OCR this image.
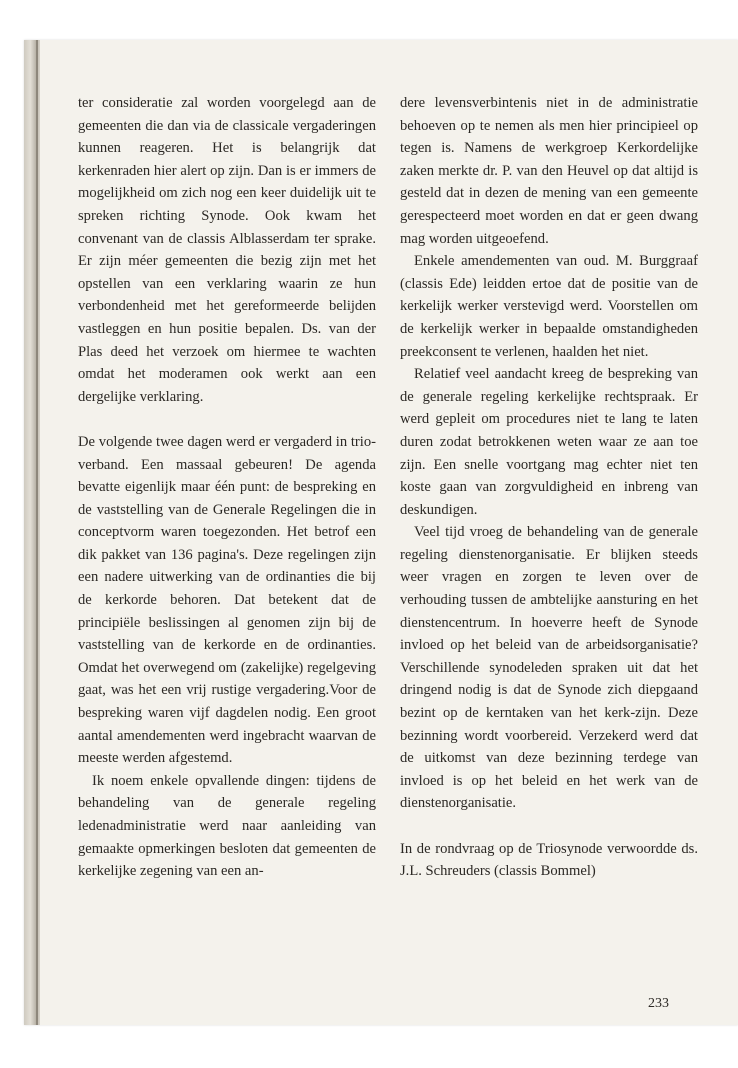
ter consideratie zal worden voorgelegd aan de gemeenten die dan via de classicale vergaderingen kunnen reageren. Het is belangrijk dat kerkenraden hier alert op zijn. Dan is er immers de mogelijkheid om zich nog een keer duidelijk uit te spreken richting Synode. Ook kwam het convenant van de classis Alblasserdam ter sprake. Er zijn méer gemeenten die bezig zijn met het opstellen van een verklaring waarin ze hun verbondenheid met het gereformeerde belijden vastleggen en hun positie bepalen. Ds. van der Plas deed het verzoek om hiermee te wachten omdat het moderamen ook werkt aan een dergelijke verklaring.

De volgende twee dagen werd er vergaderd in trio-verband. Een massaal gebeuren! De agenda bevatte eigenlijk maar één punt: de bespreking en de vaststelling van de Generale Regelingen die in conceptvorm waren toegezonden. Het betrof een dik pakket van 136 pagina's. Deze regelingen zijn een nadere uitwerking van de ordinanties die bij de kerkorde behoren. Dat betekent dat de principiële beslissingen al genomen zijn bij de vaststelling van de kerkorde en de ordinanties. Omdat het overwegend om (zakelijke) regelgeving gaat, was het een vrij rustige vergadering.Voor de bespreking waren vijf dagdelen nodig. Een groot aantal amendementen werd ingebracht waarvan de meeste werden afgestemd.

Ik noem enkele opvallende dingen: tijdens de behandeling van de generale regeling ledenadministratie werd naar aanleiding van gemaakte opmerkingen besloten dat gemeenten de kerkelijke zegening van een an-

dere levensverbintenis niet in de administratie behoeven op te nemen als men hier principieel op tegen is. Namens de werkgroep Kerkordelijke zaken merkte dr. P. van den Heuvel op dat altijd is gesteld dat in dezen de mening van een gemeente gerespecteerd moet worden en dat er geen dwang mag worden uitgeoefend.

Enkele amendementen van oud. M. Burggraaf (classis Ede) leidden ertoe dat de positie van de kerkelijk werker verstevigd werd. Voorstellen om de kerkelijk werker in bepaalde omstandigheden preekconsent te verlenen, haalden het niet.

Relatief veel aandacht kreeg de bespreking van de generale regeling kerkelijke rechtspraak. Er werd gepleit om procedures niet te lang te laten duren zodat betrokkenen weten waar ze aan toe zijn. Een snelle voortgang mag echter niet ten koste gaan van zorgvuldigheid en inbreng van deskundigen.

Veel tijd vroeg de behandeling van de generale regeling dienstenorganisatie. Er blijken steeds weer vragen en zorgen te leven over de verhouding tussen de ambtelijke aansturing en het dienstencentrum. In hoeverre heeft de Synode invloed op het beleid van de arbeidsorganisatie? Verschillende synodeleden spraken uit dat het dringend nodig is dat de Synode zich diepgaand bezint op de kerntaken van het kerk-zijn. Deze bezinning wordt voorbereid. Verzekerd werd dat de uitkomst van deze bezinning terdege van invloed is op het beleid en het werk van de dienstenorganisatie.

In de rondvraag op de Triosynode verwoordde ds. J.L. Schreuders (classis Bommel)

233
